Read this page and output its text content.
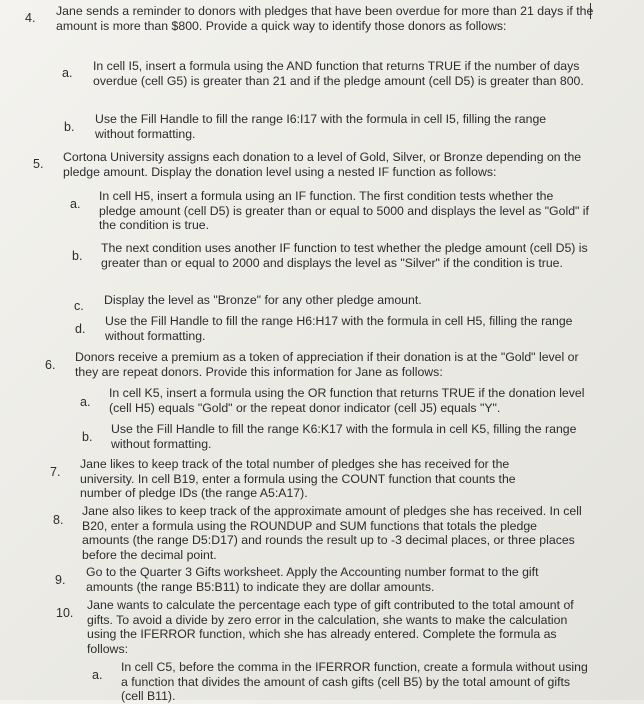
4. Jane sends a reminder to donors with pledges that have been overdue for more than 21 days if the amount is more than $800. Provide a quick way to identify those donors as follows:
a. In cell I5, insert a formula using the AND function that returns TRUE if the number of days overdue (cell G5) is greater than 21 and if the pledge amount (cell D5) is greater than 800.
b.
Use the Fill Handle to fill the range I6:I17 with the formula in cell I5, filling the range without formatting.
5. Cortona University assigns each donation to a level of Gold, Silver, or Bronze depending on the pledge amount. Display the donation level using a nested IF function as follows:
a.
In cell H5, insert a formula using an IF function. The first condition tests whether the pledge amount (cell D5) is greater than or equal to 5000 and displays the level as "Gold" if the condition is true.
b.
The next condition uses another IF function to test whether the pledge amount (cell D5) is greater than or equal to 2000 and displays the level as "Silver" if the condition is true.
c. Display the level as "Bronze" for any other pledge amount.
d.
Use the Fill Handle to fill the range H6:H17 with the formula in cell H5, filling the range without formatting.
6.
Donors receive a premium as a token of appreciation if their donation is at the "Gold" level or they are repeat donors. Provide this information for Jane as follows:
a.
In cell K5, insert a formula using the OR function that returns TRUE if the donation level (cell H5) equals "Gold" or the repeat donor indicator (cell J5) equals "Y".
b.
Use the Fill Handle to fill the range K6:K17 with the formula in cell K5, filling the range without formatting.
7.
Jane likes to keep track of the total number of pledges she has received for the university. In cell B19, enter a formula using the COUNT function that counts the number of pledge IDs (the range A5:A17).
8.
Jane also likes to keep track of the approximate amount of pledges she has received. In cell B20, enter a formula using the ROUNDUP and SUM functions that totals the pledge amounts (the range D5:D17) and rounds the result up to -3 decimal places, or three places before the decimal point.
9.
Go to the Quarter 3 Gifts worksheet. Apply the Accounting number format to the gift amounts (the range B5:B11) to indicate they are dollar amounts.
10.
Jane wants to calculate the percentage each type of gift contributed to the total amount of gifts. To avoid a divide by zero error in the calculation, she wants to make the calculation using the IFERROR function, which she has already entered. Complete the formula as follows:
a.
In cell C5, before the comma in the IFERROR function, create a formula without using a function that divides the amount of cash gifts (cell B5) by the total amount of gifts (cell B11).
